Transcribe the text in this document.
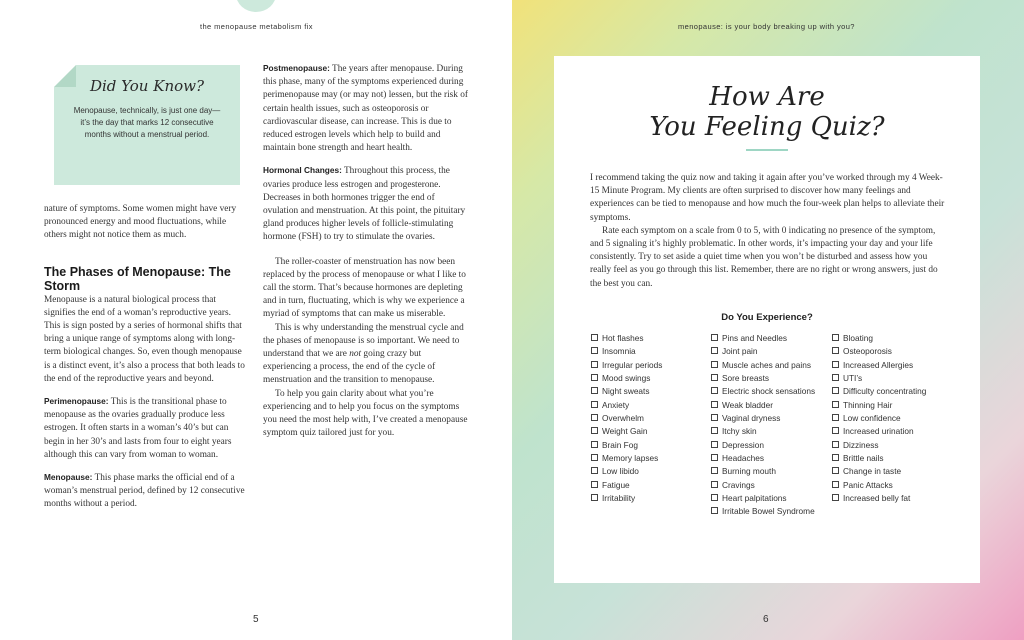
the menopause metabolism fix
Did You Know?
Menopause, technically, is just one day—it’s the day that marks 12 consecutive months without a menstrual period.

nature of symptoms. Some women might have very pronounced energy and mood fluctuations, while others might not notice them as much.

The Phases of Menopause: The Storm

Menopause is a natural biological process that signifies the end of a woman’s reproductive years. This is sign posted by a series of hormonal shifts that bring a unique range of symptoms along with long-term biological changes. So, even though menopause is a distinct event, it’s also a process that both leads to the end of the reproductive years and beyond.

Perimenopause: This is the transitional phase to menopause as the ovaries gradually produce less estrogen. It often starts in a woman’s 40’s but can begin in her 30’s and lasts from four to eight years although this can vary from woman to woman.

Menopause: This phase marks the official end of a woman’s menstrual period, defined by 12 consecutive months without a period.

Postmenopause: The years after menopause. During this phase, many of the symptoms experienced during perimenopause may (or may not) lessen, but the risk of certain health issues, such as osteoporosis or cardiovascular disease, can increase. This is due to reduced estrogen levels which help to build and maintain bone strength and heart health.

Hormonal Changes: Throughout this process, the ovaries produce less estrogen and progesterone. Decreases in both hormones trigger the end of ovulation and menstruation. At this point, the pituitary gland produces higher levels of follicle-stimulating hormone (FSH) to try to stimulate the ovaries.

The roller-coaster of menstruation has now been replaced by the process of menopause or what I like to call the storm. That’s because hormones are depleting and in turn, fluctuating, which is why we experience a myriad of symptoms that can make us miserable.

This is why understanding the menstrual cycle and the phases of menopause is so important. We need to understand that we are not going crazy but experiencing a process, the end of the cycle of menstruation and the transition to menopause.

To help you gain clarity about what you’re experiencing and to help you focus on the symptoms you need the most help with, I’ve created a menopause symptom quiz tailored just for you.

5
menopause: is your body breaking up with you?
How Are
You Feeling Quiz?

I recommend taking the quiz now and taking it again after you’ve worked through my 4 Week-15 Minute Program. My clients are often surprised to discover how many feelings and experiences can be tied to menopause and how much the four-week plan helps to alleviate their symptoms.

Rate each symptom on a scale from 0 to 5, with 0 indicating no presence of the symptom, and 5 signaling it’s highly problematic. In other words, it’s impacting your day and your life consistently. Try to set aside a quiet time when you won’t be disturbed and assess how you really feel as you go through this list. Remember, there are no right or wrong answers, just do the best you can.

Do You Experience?
Hot flashes
Insomnia
Irregular periods
Mood swings
Night sweats
Anxiety
Overwhelm
Weight Gain
Brain Fog
Memory lapses
Low libido
Fatigue
Irritability
Pins and Needles
Joint pain
Muscle aches and pains
Sore breasts
Electric shock sensations
Weak bladder
Vaginal dryness
Itchy skin
Depression
Headaches
Burning mouth
Cravings
Heart palpitations
Irritable Bowel Syndrome
Bloating
Osteoporosis
Increased Allergies
UTI’s
Difficulty concentrating
Thinning Hair
Low confidence
Increased urination
Dizziness
Brittle nails
Change in taste
Panic Attacks
Increased belly fat
6
